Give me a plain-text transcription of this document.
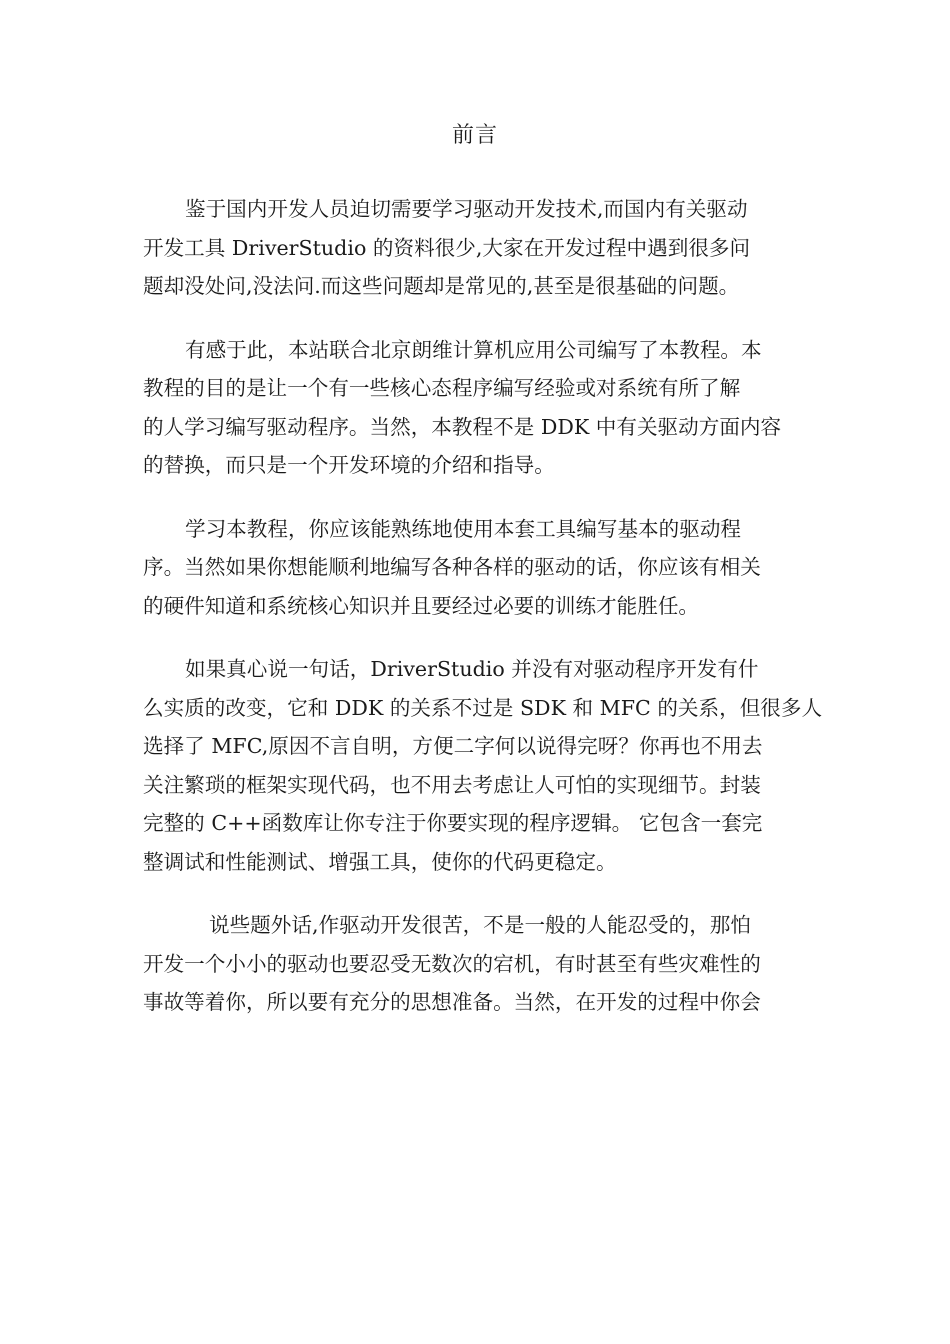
前言

鉴于国内开发人员迫切需要学习驱动开发技术,而国内有关驱动
开发工具 DriverStudio 的资料很少,大家在开发过程中遇到很多问
题却没处问,没法问.而这些问题却是常见的,甚至是很基础的问题。

有感于此，本站联合北京朗维计算机应用公司编写了本教程。本
教程的目的是让一个有一些核心态程序编写经验或对系统有所了解
的人学习编写驱动程序。当然，本教程不是 DDK 中有关驱动方面内容
的替换，而只是一个开发环境的介绍和指导。

学习本教程，你应该能熟练地使用本套工具编写基本的驱动程
序。当然如果你想能顺利地编写各种各样的驱动的话，你应该有相关
的硬件知道和系统核心知识并且要经过必要的训练才能胜任。

如果真心说一句话，DriverStudio 并没有对驱动程序开发有什
么实质的改变，它和 DDK 的关系不过是 SDK 和 MFC 的关系，但很多人
选择了 MFC,原因不言自明，方便二字何以说得完呀？你再也不用去
关注繁琐的框架实现代码，也不用去考虑让人可怕的实现细节。封装
完整的 C++函数库让你专注于你要实现的程序逻辑。 它包含一套完
整调试和性能测试、增强工具，使你的代码更稳定。

说些题外话,作驱动开发很苦，不是一般的人能忍受的，那怕
开发一个小小的驱动也要忍受无数次的宕机，有时甚至有些灾难性的
事故等着你，所以要有充分的思想准备。当然，在开发的过程中你会
